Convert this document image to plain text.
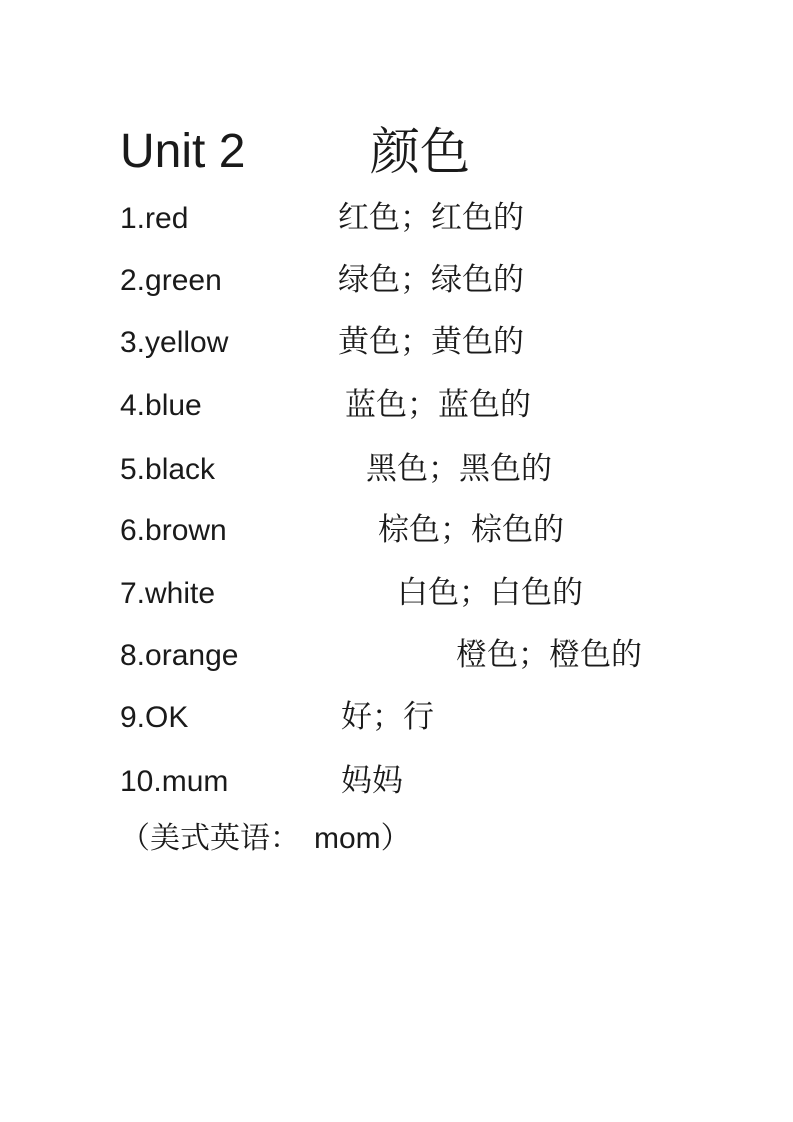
Unit 2 颜色
1.red	红色；红色的
2.green	绿色；绿色的
3.yellow	黄色；黄色的
4.blue	蓝色；蓝色的
5.black	黑色；黑色的
6.brown	棕色；棕色的
7.white	白色；白色的
8.orange	橙色；橙色的
9.OK	好；行
10.mum	妈妈
（美式英语： mom）
